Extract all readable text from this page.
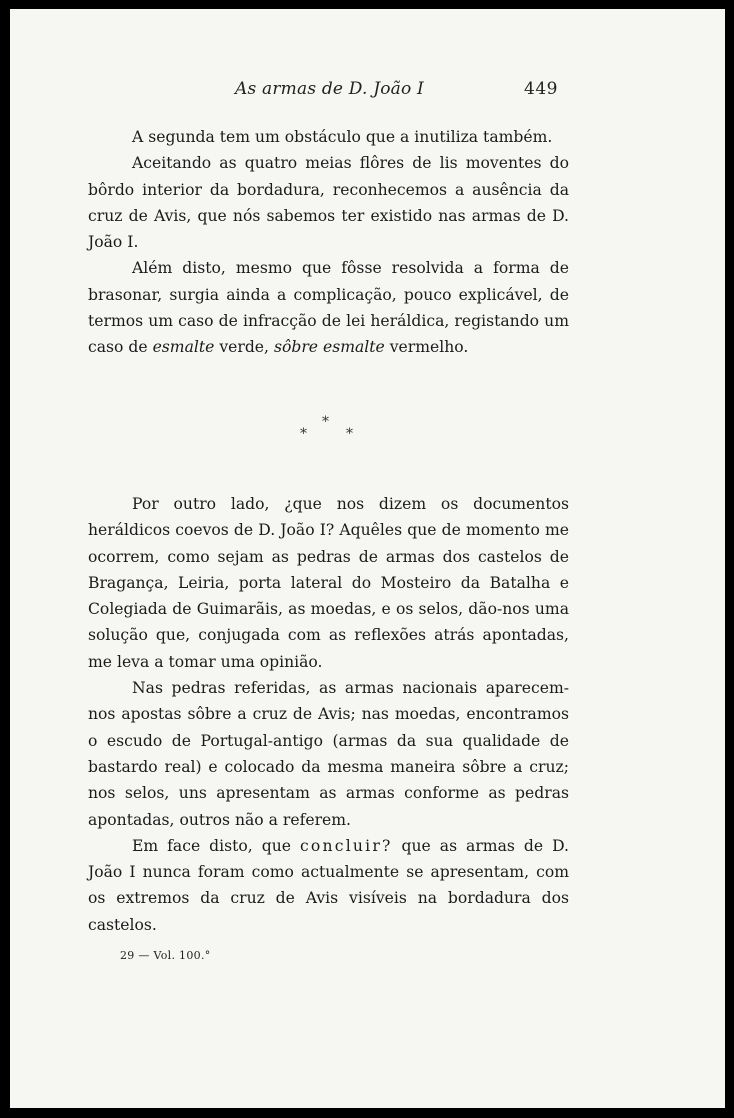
As armas de D. João I	449

A segunda tem um obstáculo que a inutiliza também.

Aceitando as quatro meias flôres de lis moventes do bôrdo interior da bordadura, reconhecemos a ausência da cruz de Avis, que nós sabemos ter existido nas armas de D. João I.

Além disto, mesmo que fôsse resolvida a forma de brasonar, surgia ainda a complicação, pouco explicável, de termos um caso de infracção de lei heráldica, registando um caso de esmalte verde, sôbre esmalte vermelho.

*
*	*

Por outro lado, ¿que nos dizem os documentos heráldicos coevos de D. João I? Aquêles que de momento me ocorrem, como sejam as pedras de armas dos castelos de Bragança, Leiria, porta lateral do Mosteiro da Batalha e Colegiada de Guimarãis, as moedas, e os selos, dão-nos uma solução que, conjugada com as reflexões atrás apontadas, me leva a tomar uma opinião.

Nas pedras referidas, as armas nacionais aparecem-nos apostas sôbre a cruz de Avis; nas moedas, encontramos o escudo de Portugal-antigo (armas da sua qualidade de bastardo real) e colocado da mesma maneira sôbre a cruz; nos selos, uns apresentam as armas conforme as pedras apontadas, outros não a referem.

Em face disto, que concluir? que as armas de D. João I nunca foram como actualmente se apresentam, com os extremos da cruz de Avis visíveis na bordadura dos castelos.

29 — Vol. 100.°
